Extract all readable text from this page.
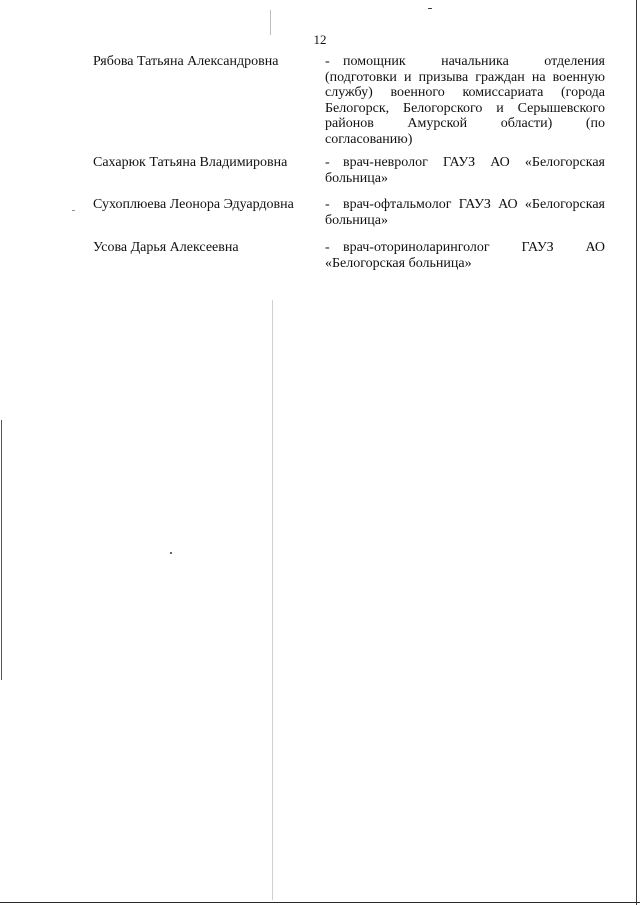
12
Рябова Татьяна Александровна	- помощник начальника отделения (подготовки и призыва граждан на военную службу) военного комиссариата (города Белогорск, Белогорского и Серышевского районов Амурской области) (по согласованию)
Сахарюк Татьяна Владимировна	- врач-невролог ГАУЗ АО «Белогорская больница»
Сухоплюева Леонора Эдуардовна	- врач-офтальмолог ГАУЗ АО «Белогорская больница»
Усова Дарья Алексеевна	- врач-оториноларинголог ГАУЗ АО «Белогорская больница»
